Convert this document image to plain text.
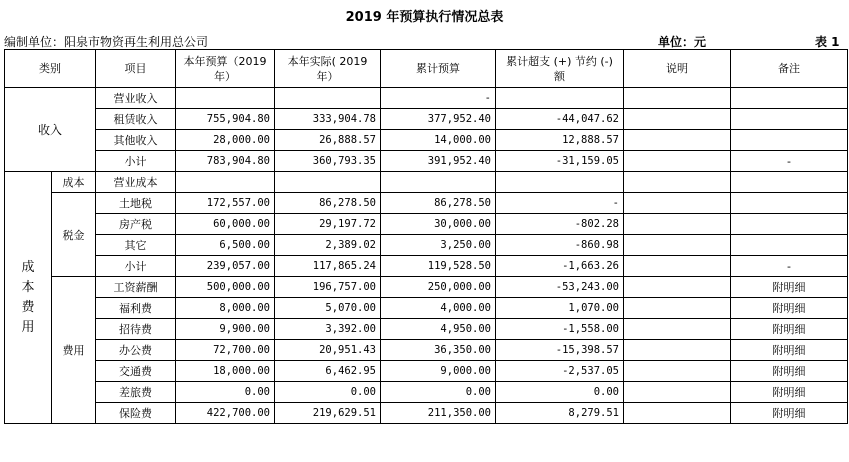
2019 年预算执行情况总表
编制单位：阳泉市物资再生利用总公司	单位：元	表 1
类别		项目	本年预算（2019 年）	本年实际( 2019 年）	累计预算	累计超支 (+) 节约 (-) 额	说明	备注
收入		营业收入			-			
		租赁收入	755,904.80	333,904.78	377,952.40	-44,047.62		
		其他收入	28,000.00	26,888.57	14,000.00	12,888.57		
		小计	783,904.80	360,793.35	391,952.40	-31,159.05		-
成本费用	成本	营业成本						
	税金	土地税	172,557.00	86,278.50	86,278.50	-		
		房产税	60,000.00	29,197.72	30,000.00	-802.28		
		其它	6,500.00	2,389.02	3,250.00	-860.98		
		小计	239,057.00	117,865.24	119,528.50	-1,663.26		-
	费用	工资薪酬	500,000.00	196,757.00	250,000.00	-53,243.00		附明细
		福利费	8,000.00	5,070.00	4,000.00	1,070.00		附明细
		招待费	9,900.00	3,392.00	4,950.00	-1,558.00		附明细
		办公费	72,700.00	20,951.43	36,350.00	-15,398.57		附明细
		交通费	18,000.00	6,462.95	9,000.00	-2,537.05		附明细
		差旅费	0.00	0.00	0.00	0.00		附明细
		保险费	422,700.00	219,629.51	211,350.00	8,279.51		附明细
